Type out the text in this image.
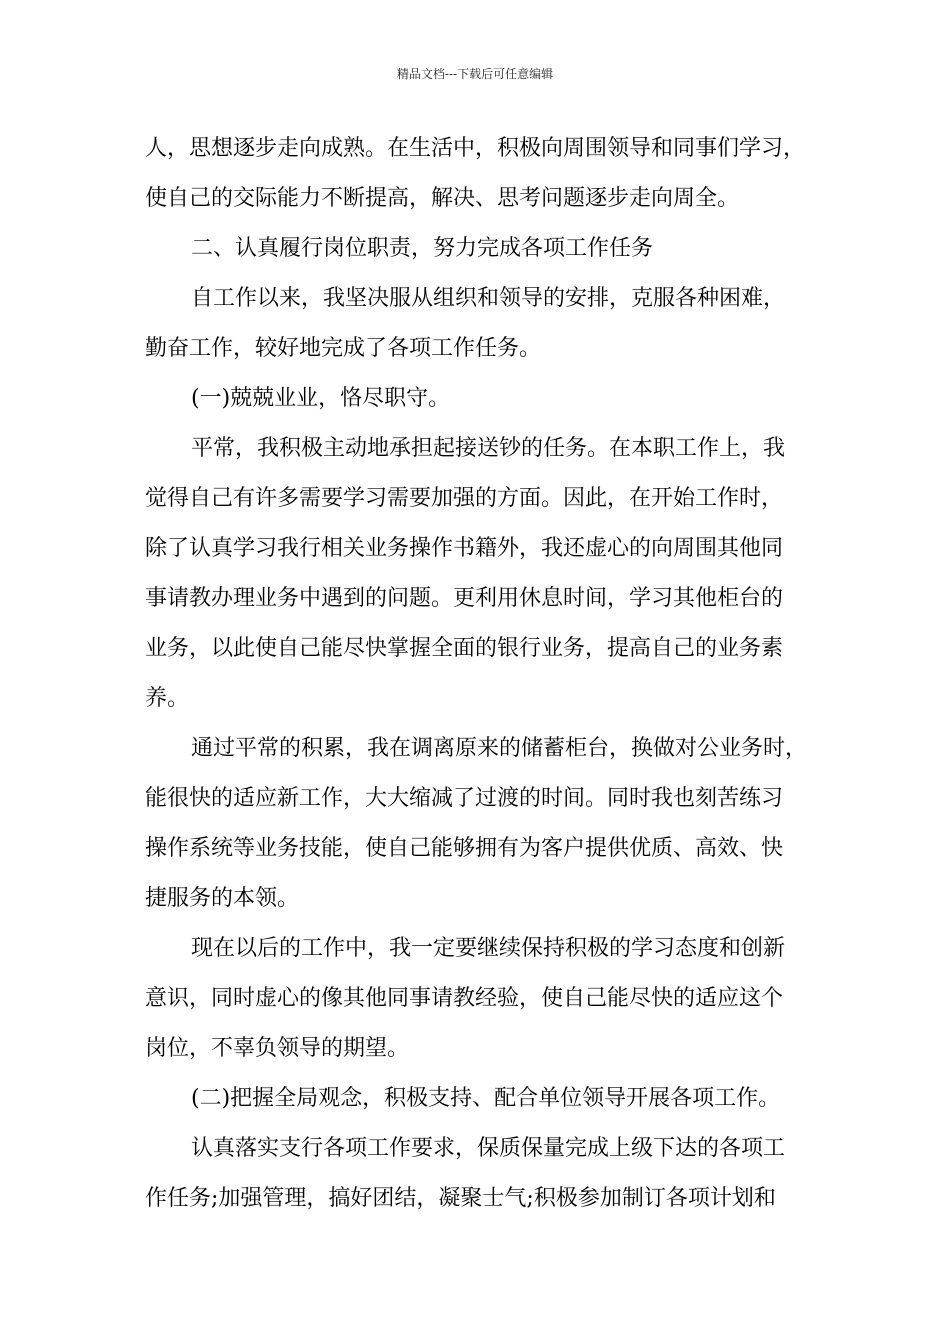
精品文档---下载后可任意编辑
人，思想逐步走向成熟。在生活中，积极向周围领导和同事们学习，
使自己的交际能力不断提高，解决、思考问题逐步走向周全。
二、认真履行岗位职责，努力完成各项工作任务
自工作以来，我坚决服从组织和领导的安排，克服各种困难，
勤奋工作，较好地完成了各项工作任务。
(一)兢兢业业，恪尽职守。
平常，我积极主动地承担起接送钞的任务。在本职工作上，我
觉得自己有许多需要学习需要加强的方面。因此，在开始工作时，
除了认真学习我行相关业务操作书籍外，我还虚心的向周围其他同
事请教办理业务中遇到的问题。更利用休息时间，学习其他柜台的
业务，以此使自己能尽快掌握全面的银行业务，提高自己的业务素
养。
通过平常的积累，我在调离原来的储蓄柜台，换做对公业务时，
能很快的适应新工作，大大缩减了过渡的时间。同时我也刻苦练习
操作系统等业务技能，使自己能够拥有为客户提供优质、高效、快
捷服务的本领。
现在以后的工作中，我一定要继续保持积极的学习态度和创新
意识，同时虚心的像其他同事请教经验，使自己能尽快的适应这个
岗位，不辜负领导的期望。
(二)把握全局观念，积极支持、配合单位领导开展各项工作。
认真落实支行各项工作要求，保质保量完成上级下达的各项工
作任务;加强管理，搞好团结，凝聚士气;积极参加制订各项计划和
